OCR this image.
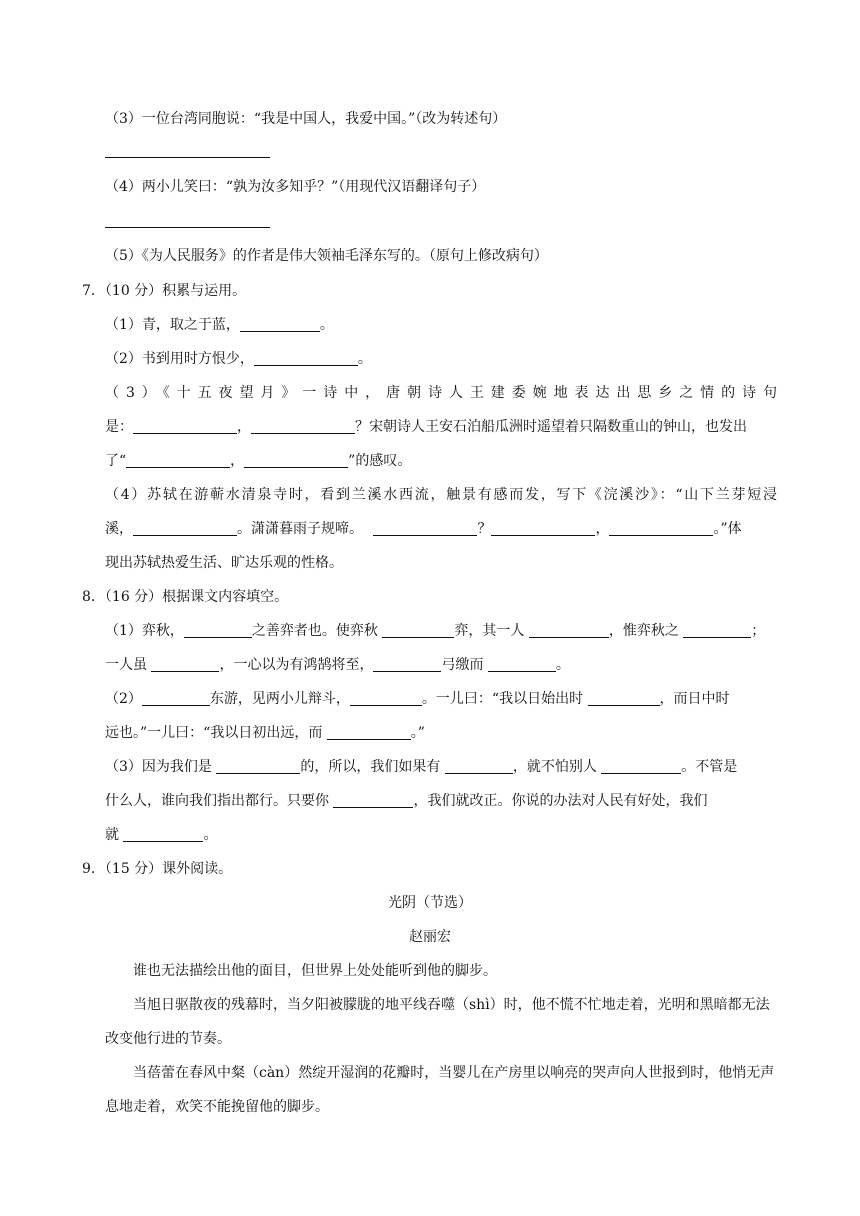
（3）一位台湾同胞说：“我是中国人，我爱中国。”（改为转述句）
（4）两小儿笑曰：“孰为汝多知乎？”（用现代汉语翻译句子）
（5）《为人民服务》的作者是伟大领袖毛泽东写的。（原句上修改病句）
7．（10 分）积累与运用。
（1）青，取之于蓝，	。
（2）书到用时方恨少，	。
（3）《十五夜望月》一诗中，唐朝诗人王建委婉地表达出思乡之情的诗句
是：	，	？宋朝诗人王安石泊船瓜洲时遥望着只隔数重山的钟山，也发出
了“	，	”的感叹。
（4）苏轼在游蕲水清泉寺时，看到兰溪水西流，触景有感而发，写下《浣溪沙》：“山下兰芽短浸
溪，	。潇潇暮雨子规啼。	？	，	。”体
现出苏轼热爱生活、旷达乐观的性格。
8．（16 分）根据课文内容填空。
（1）弈秋，	之善弈者也。使弈秋	弈，其一人	，惟弈秋之	；
一人虽	，一心以为有鸿鹄将至，	弓缴而	。
（2）	东游，见两小儿辩斗，	。一儿曰：“我以日始出时	，而日中时
远也。”一儿曰：“我以日初出远，而	。”
（3）因为我们是	的，所以，我们如果有	，就不怕别人	。不管是
什么人，谁向我们指出都行。只要你	，我们就改正。你说的办法对人民有好处，我们
就	。
9．（15 分）课外阅读。
光阴（节选）
赵丽宏
谁也无法描绘出他的面目，但世界上处处能听到他的脚步。
当旭日驱散夜的残幕时，当夕阳被朦胧的地平线吞噬（shì）时，他不慌不忙地走着，光明和黑暗都无法改变他行进的节奏。
当蓓蕾在春风中粲（càn）然绽开湿润的花瓣时，当婴儿在产房里以响亮的哭声向人世报到时，他悄无声息地走着，欢笑不能挽留他的脚步。
